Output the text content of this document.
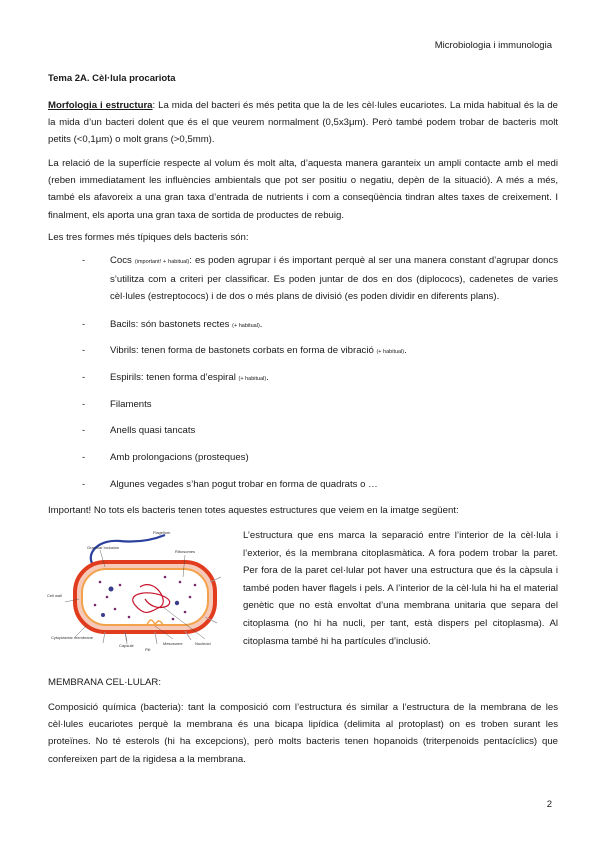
Microbiologia i immunologia
Tema 2A. Cèl·lula procariota
Morfologia i estructura: La mida del bacteri és més petita que la de les cèl·lules eucariotes. La mida habitual és la de la mida d’un bacteri dolent que és el que veurem normalment (0,5x3μm). Però també podem trobar de bacteris molt petits (<0,1μm) o molt grans (>0,5mm).
La relació de la superfície respecte al volum és molt alta, d’aquesta manera garanteix un ampli contacte amb el medi (reben immediatament les influències ambientals que pot ser positiu o negatiu, depèn de la situació). A més a més, també els afavoreix a una gran taxa d’entrada de nutrients i com a conseqüència tindran altes taxes de creixement. I finalment, els aporta una gran taxa de sortida de productes de rebuig.
Les tres formes més típiques dels bacteris són:
-	Cocs (important! + habitual): es poden agrupar i és important perquè al ser una manera constant d’agrupar doncs s’utilitza com a criteri per classificar. Es poden juntar de dos en dos (diplococs), cadenetes de varies cèl·lules (estreptococs) i de dos o més plans de divisió (es poden dividir en diferents plans).
-	Bacils: són bastonets rectes (+ habitual).
-	Vibrils: tenen forma de bastonets corbats en forma de vibració (+ habitual).
-	Espirils: tenen forma d’espiral (+ habitual).
-	Filaments
-	Anells quasi tancats
-	Amb prolongacions (prosteques)
-	Algunes vegades s’han pogut trobar en forma de quadrats o …
Important! No tots els bacteris tenen totes aquestes estructures que veiem en la imatge següent:
Flagellum
Granular inclusion
Ribosomes
Cell wall
Cytoplasmic membrane
Capsule
Pili
Mesosome	Nucleoid
L’estructura que ens marca la separació entre l’interior de la cèl·lula i l’exterior, és la membrana citoplasmàtica. A fora podem trobar la paret. Per fora de la paret cel·lular pot haver una estructura que és la càpsula i també poden haver flagels i pels. A l’interior de la cèl·lula hi ha el material genètic que no està envoltat d’una membrana unitaria que separa del citoplasma (no hi ha nucli, per tant, està dispers pel citoplasma). Al citoplasma també hi ha partícules d’inclusió.
MEMBRANA CEL·LULAR:
Composició química (bacteria): tant la composició com l’estructura és similar a l’estructura de la membrana de les cèl·lules eucariotes perquè la membrana és una bicapa lipídica (delimita al protoplast) on es troben surant les proteïnes. No té esterols (hi ha excepcions), però molts bacteris tenen hopanoids (triterpenoids pentacíclics) que confereixen part de la rigidesa a la membrana.
2
